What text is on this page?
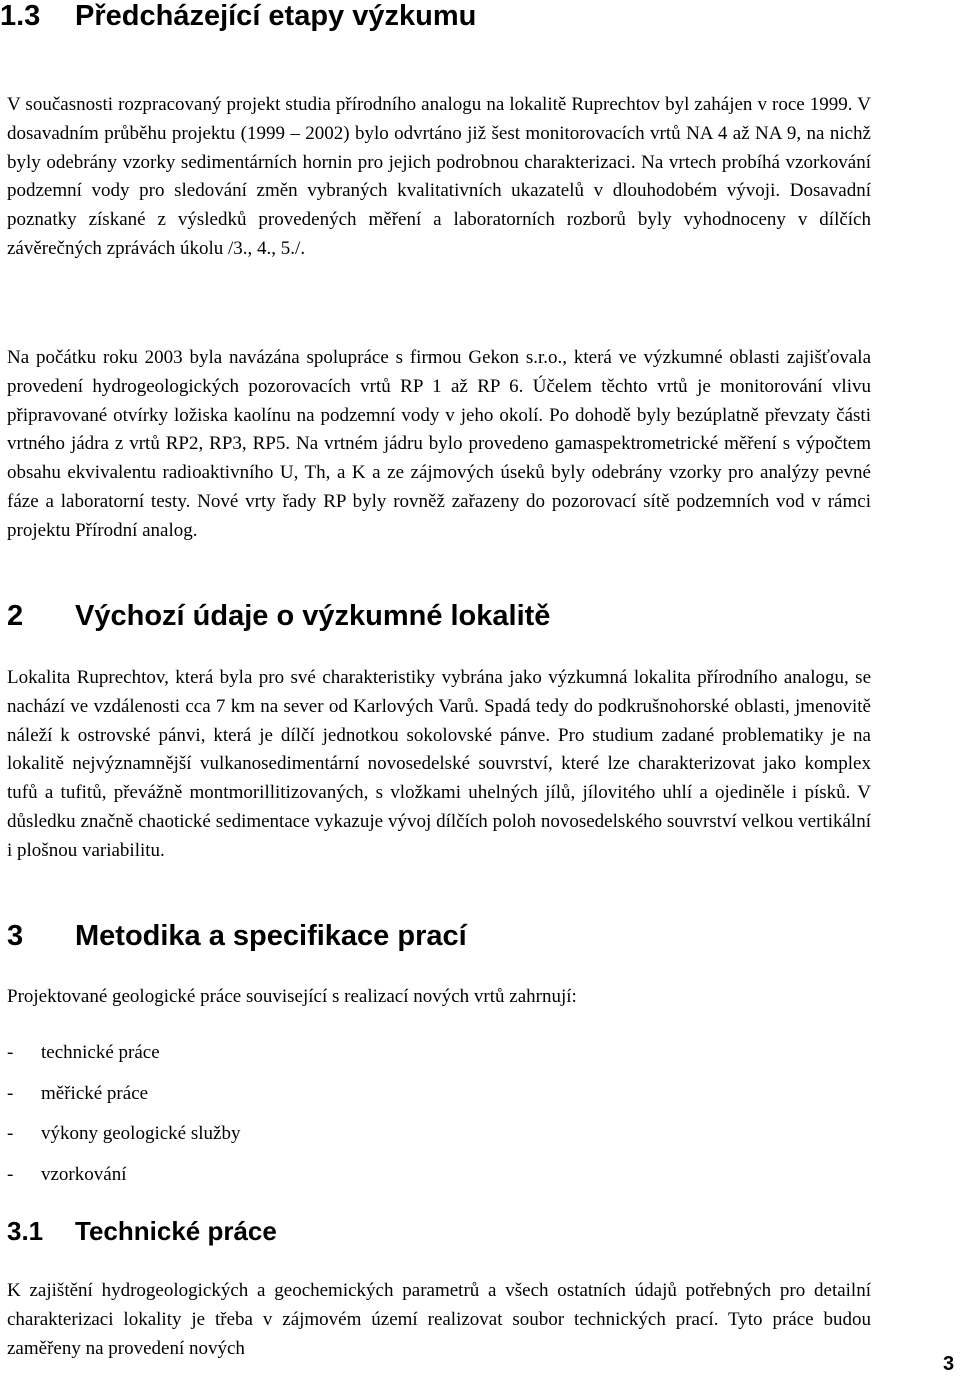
1.3 Předcházející etapy výzkumu

V současnosti rozpracovaný projekt studia přírodního analogu na lokalitě Ruprechtov byl zahájen v roce 1999. V dosavadním průběhu projektu (1999 – 2002) bylo odvrtáno již šest monitorovacích vrtů NA 4 až NA 9, na nichž byly odebrány vzorky sedimentárních hornin pro jejich podrobnou charakterizaci. Na vrtech probíhá vzorkování podzemní vody pro sledování změn vybraných kvalitativních ukazatelů v dlouhodobém vývoji. Dosavadní poznatky získané z výsledků provedených měření a laboratorních rozborů byly vyhodnoceny v dílčích závěrečných zprávách úkolu /3., 4., 5./.

Na počátku roku 2003 byla navázána spolupráce s firmou Gekon s.r.o., která ve výzkumné oblasti zajišťovala provedení hydrogeologických pozorovacích vrtů RP 1 až RP 6. Účelem těchto vrtů je monitorování vlivu připravované otvírky ložiska kaolínu na podzemní vody v jeho okolí. Po dohodě byly bezúplatně převzaty části vrtného jádra z vrtů RP2, RP3, RP5. Na vrtném jádru bylo provedeno gamaspektrometrické měření s výpočtem obsahu ekvivalentu radioaktivního U, Th, a K a ze zájmových úseků byly odebrány vzorky pro analýzy pevné fáze a laboratorní testy. Nové vrty řady RP byly rovněž zařazeny do pozorovací sítě podzemních vod v rámci projektu Přírodní analog.

2 Výchozí údaje o výzkumné lokalitě

Lokalita Ruprechtov, která byla pro své charakteristiky vybrána jako výzkumná lokalita přírodního analogu, se nachází ve vzdálenosti cca 7 km na sever od Karlových Varů. Spadá tedy do podkrušnohorské oblasti, jmenovitě náleží k ostrovské pánvi, která je dílčí jednotkou sokolovské pánve. Pro studium zadané problematiky je na lokalitě nejvýznamnější vulkanosedimentární novosedelské souvrství, které lze charakterizovat jako komplex tufů a tufitů, převážně montmorillitizovaných, s vložkami uhelných jílů, jílovitého uhlí a ojediněle i písků. V důsledku značně chaotické sedimentace vykazuje vývoj dílčích poloh novosedelského souvrství velkou vertikální i plošnou variabilitu.

3 Metodika a specifikace prací

Projektované geologické práce související s realizací nových vrtů zahrnují:

- technické práce
- měřické práce
- výkony geologické služby
- vzorkování
3.1 Technické práce

K zajištění hydrogeologických a geochemických parametrů a všech ostatních údajů potřebných pro detailní charakterizaci lokality je třeba v zájmovém území realizovat soubor technických prací. Tyto práce budou zaměřeny na provedení nových

3
